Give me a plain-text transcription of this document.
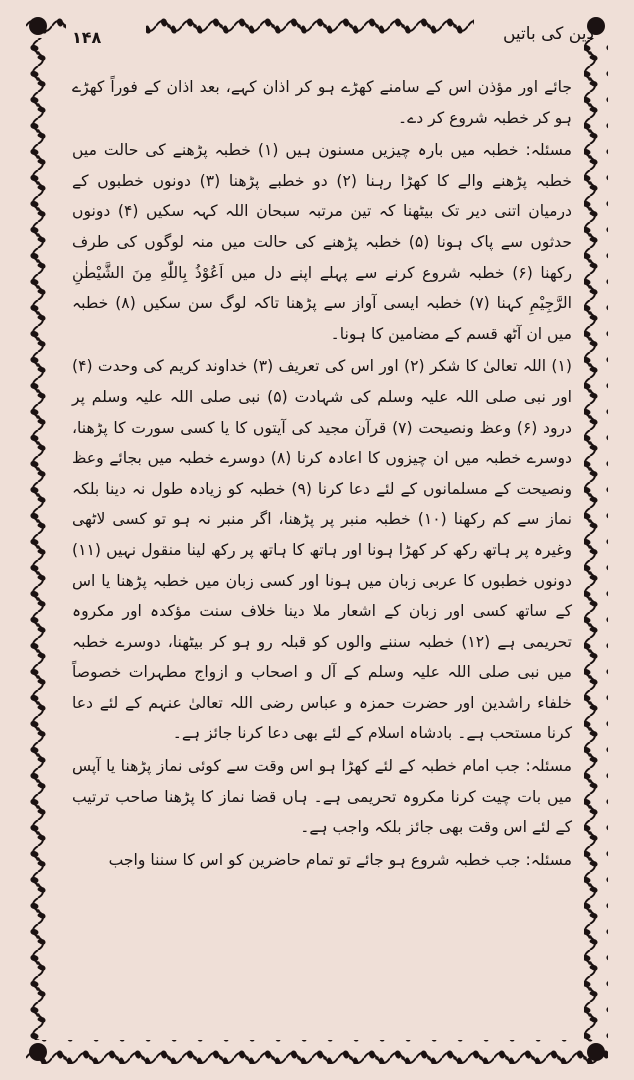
دین کی باتیں
۱۴۸

جائے اور مؤذن اس کے سامنے کھڑے ہو کر اذان کہے، بعد اذان کے فوراً کھڑے ہو کر خطبہ شروع کر دے۔

مسئلہ: خطبہ میں بارہ چیزیں مسنون ہیں (۱) خطبہ پڑھنے کی حالت میں خطبہ پڑھنے والے کا کھڑا رہنا (۲) دو خطبے پڑھنا (۳) دونوں خطبوں کے درمیان اتنی دیر تک بیٹھنا کہ تین مرتبہ سبحان اللہ کہہ سکیں (۴) دونوں حدثوں سے پاک ہونا (۵) خطبہ پڑھنے کی حالت میں منہ لوگوں کی طرف رکھنا (۶) خطبہ شروع کرنے سے پہلے اپنے دل میں اَعُوْذُ بِاللّٰهِ مِنَ الشَّيْطٰنِ الرَّجِيْمِ کہنا (۷) خطبہ ایسی آواز سے پڑھنا تاکہ لوگ سن سکیں (۸) خطبہ میں ان آٹھ قسم کے مضامین کا ہونا۔

(۱) اللہ تعالیٰ کا شکر (۲) اور اس کی تعریف (۳) خداوند کریم کی وحدت (۴) اور نبی صلی اللہ علیہ وسلم کی شہادت (۵) نبی صلی اللہ علیہ وسلم پر درود (۶) وعظ ونصیحت (۷) قرآن مجید کی آیتوں کا یا کسی سورت کا پڑھنا، دوسرے خطبہ میں ان چیزوں کا اعادہ کرنا (۸) دوسرے خطبہ میں بجائے وعظ ونصیحت کے مسلمانوں کے لئے دعا کرنا (۹) خطبہ کو زیادہ طول نہ دینا بلکہ نماز سے کم رکھنا (۱۰) خطبہ منبر پر پڑھنا، اگر منبر نہ ہو تو کسی لاٹھی وغیرہ پر ہاتھ رکھ کر کھڑا ہونا اور ہاتھ کا ہاتھ پر رکھ لینا منقول نہیں (۱۱) دونوں خطبوں کا عربی زبان میں ہونا اور کسی زبان میں خطبہ پڑھنا یا اس کے ساتھ کسی اور زبان کے اشعار ملا دینا خلاف سنت مؤکدہ اور مکروہ تحریمی ہے (۱۲) خطبہ سننے والوں کو قبلہ رو ہو کر بیٹھنا، دوسرے خطبہ میں نبی صلی اللہ علیہ وسلم کے آل و اصحاب و ازواج مطہرات خصوصاً خلفاء راشدین اور حضرت حمزہ و عباس رضی اللہ تعالیٰ عنہم کے لئے دعا کرنا مستحب ہے۔ بادشاہ اسلام کے لئے بھی دعا کرنا جائز ہے۔

مسئلہ: جب امام خطبہ کے لئے کھڑا ہو اس وقت سے کوئی نماز پڑھنا یا آپس میں بات چیت کرنا مکروہ تحریمی ہے۔ ہاں قضا نماز کا پڑھنا صاحب ترتیب کے لئے اس وقت بھی جائز بلکہ واجب ہے۔

مسئلہ: جب خطبہ شروع ہو جائے تو تمام حاضرین کو اس کا سننا واجب
